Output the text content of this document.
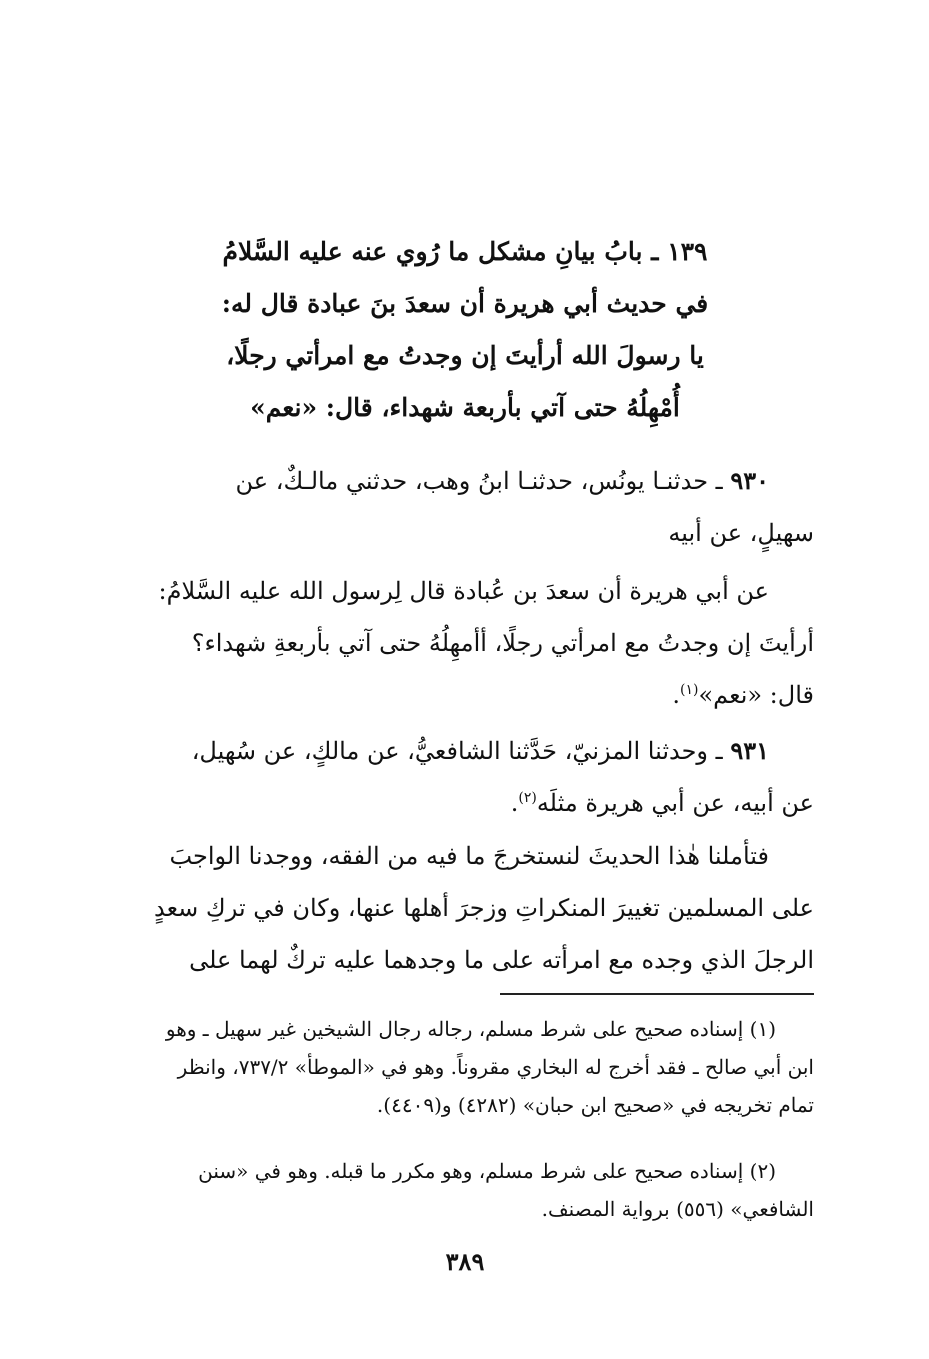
١٣٩ ـ بابُ بيانِ مشكل ما رُوي عنه عليه السَّلامُ
في حديث أبي هريرة أن سعدَ بنَ عبادة قال له:
يا رسولَ الله أرأيتَ إن وجدتُ مع امرأتي رجلًا،
أُمْهِلُهُ حتى آتي بأربعة شهداء، قال: «نعم»
٩٣٠ ـ حدثنـا يونُس، حدثنـا ابنُ وهب، حدثني مالـكٌ، عن
سهيلٍ، عن أبيه
عن أبي هريرة أن سعدَ بن عُبادة قال لِرسول الله عليه السَّلامُ:
أرأيتَ إن وجدتُ مع امرأتي رجلًا، أأمهِلُهُ حتى آتي بأربعةِ شهداء؟
قال: «نعم»$^{(١)}$.
٩٣١ ـ وحدثنا المزنيّ، حَدَّثنا الشافعيُّ، عن مالكٍ، عن سُهيل،
عن أبيه، عن أبي هريرة مثلَه$^{(٢)}$.
فتأملنا هٰذا الحديثَ لنستخرجَ ما فيه من الفقه، ووجدنا الواجبَ
على المسلمين تغييرَ المنكراتِ وزجرَ أهلها عنها، وكان في تركِ سعدٍ
الرجلَ الذي وجده مع امرأته على ما وجدهما عليه تركٌ لهما على
(١) إسناده صحيح على شرط مسلم، رجاله رجال الشيخين غير سهيل ـ وهو
ابن أبي صالح ـ فقد أخرج له البخاري مقروناً. وهو في «الموطأ» ٧٣٧/٢، وانظر
تمام تخريجه في «صحيح ابن حبان» (٤٢٨٢) و(٤٤٠٩).
(٢) إسناده صحيح على شرط مسلم، وهو مكرر ما قبله. وهو في «سنن
الشافعي» (٥٥٦) برواية المصنف.
٣٨٩
